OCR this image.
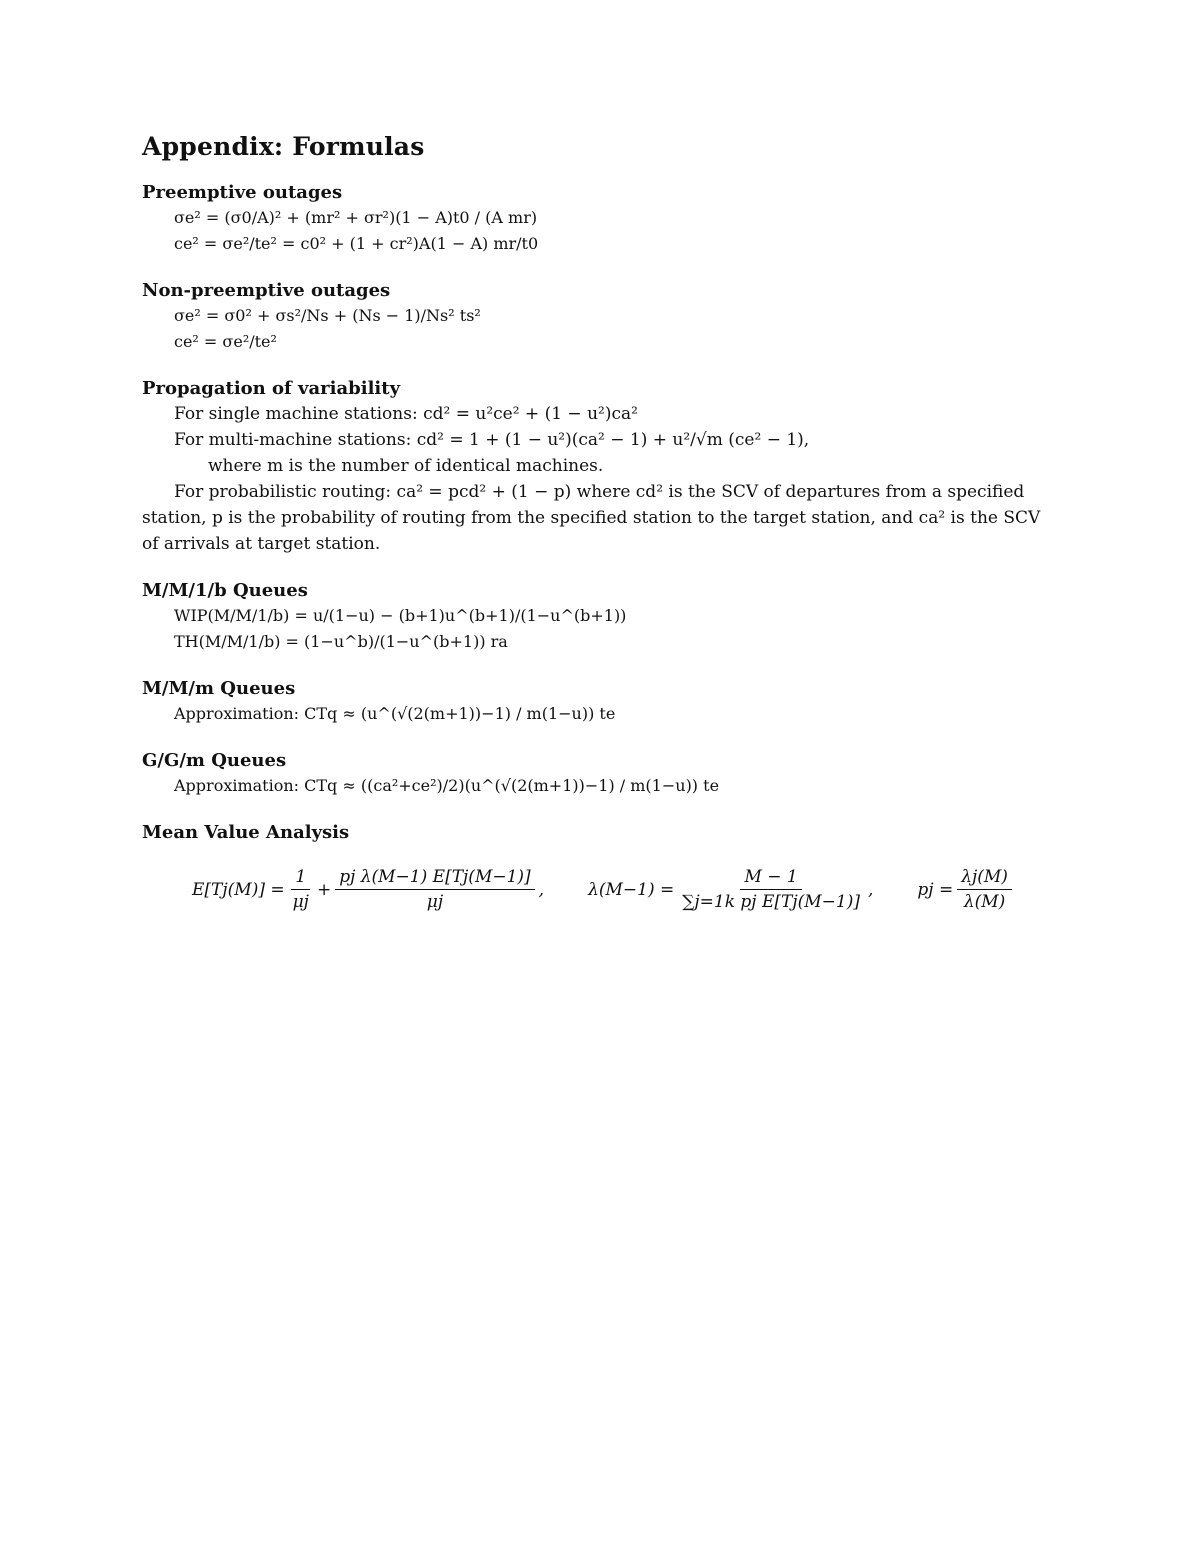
Appendix: Formulas
Preemptive outages
σe² = (σ0/A)² + (mr² + σr²)(1 − A)t0 / (A mr)
ce² = σe²/te² = c0² + (1 + cr²)A(1 − A) mr/t0
Non-preemptive outages
σe² = σ0² + σs²/Ns + (Ns − 1)/Ns² ts²
ce² = σe²/te²
Propagation of variability
For single machine stations: cd² = u²ce² + (1 − u²)ca²
For multi-machine stations: cd² = 1 + (1 − u²)(ca² − 1) + u²/√m (ce² − 1),
where m is the number of identical machines.

For probabilistic routing: ca² = pcd² + (1 − p) where cd² is the SCV of departures from a specified station, p is the probability of routing from the specified station to the target station, and ca² is the SCV of arrivals at target station.

M/M/1/b Queues
WIP(M/M/1/b) = u/(1−u) − (b+1)u^(b+1)/(1−u^(b+1))
TH(M/M/1/b) = (1−u^b)/(1−u^(b+1)) ra
M/M/m Queues
Approximation: CTq ≈ (u^(√(2(m+1))−1) / m(1−u)) te
G/G/m Queues
Approximation: CTq ≈ ((ca²+ce²)/2)(u^(√(2(m+1))−1) / m(1−u)) te
Mean Value Analysis
$E[Tj(M)] = \frac{1}{\mu j} + \frac{\text{pj λ(M−1) E[Tj(M−1)]}}{\mu j}$ ,	$\lambda(M-1) = \frac{M - 1}{\text{∑j=1k pj E[Tj(M−1)]}}$ ,	pj = $\frac{\lambda j(M)}{\lambda(M)}$
